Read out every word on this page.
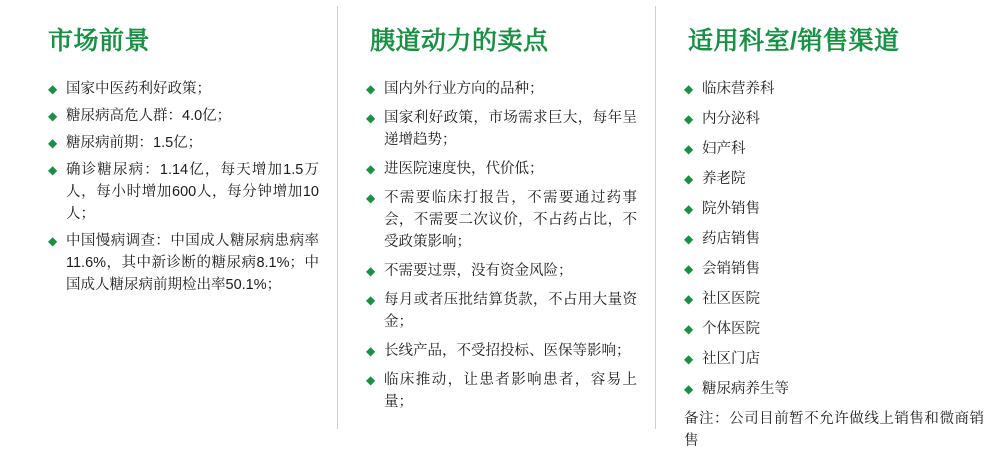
市场前景
◆ 国家中医药利好政策；
◆ 糖尿病高危人群：4.0亿；
◆ 糖尿病前期：1.5亿；
◆ 确诊糖尿病：1.14亿，每天增加1.5万人，每小时增加600人，每分钟增加10人；
◆ 中国慢病调查：中国成人糖尿病患病率11.6%，其中新诊断的糖尿病8.1%；中国成人糖尿病前期检出率50.1%；
胰道动力的卖点
◆ 国内外行业方向的品种；
◆ 国家利好政策，市场需求巨大，每年呈递增趋势；
◆ 进医院速度快，代价低；
◆ 不需要临床打报告，不需要通过药事会，不需要二次议价，不占药占比，不受政策影响；
◆ 不需要过票，没有资金风险；
◆ 每月或者压批结算货款，不占用大量资金；
◆ 长线产品，不受招投标、医保等影响；
◆ 临床推动，让患者影响患者，容易上量；
适用科室/销售渠道
◆ 临床营养科
◆ 内分泌科
◆ 妇产科
◆ 养老院
◆ 院外销售
◆ 药店销售
◆ 会销销售
◆ 社区医院
◆ 个体医院
◆ 社区门店
◆ 糖尿病养生等
备注：公司目前暂不允许做线上销售和微商销售
